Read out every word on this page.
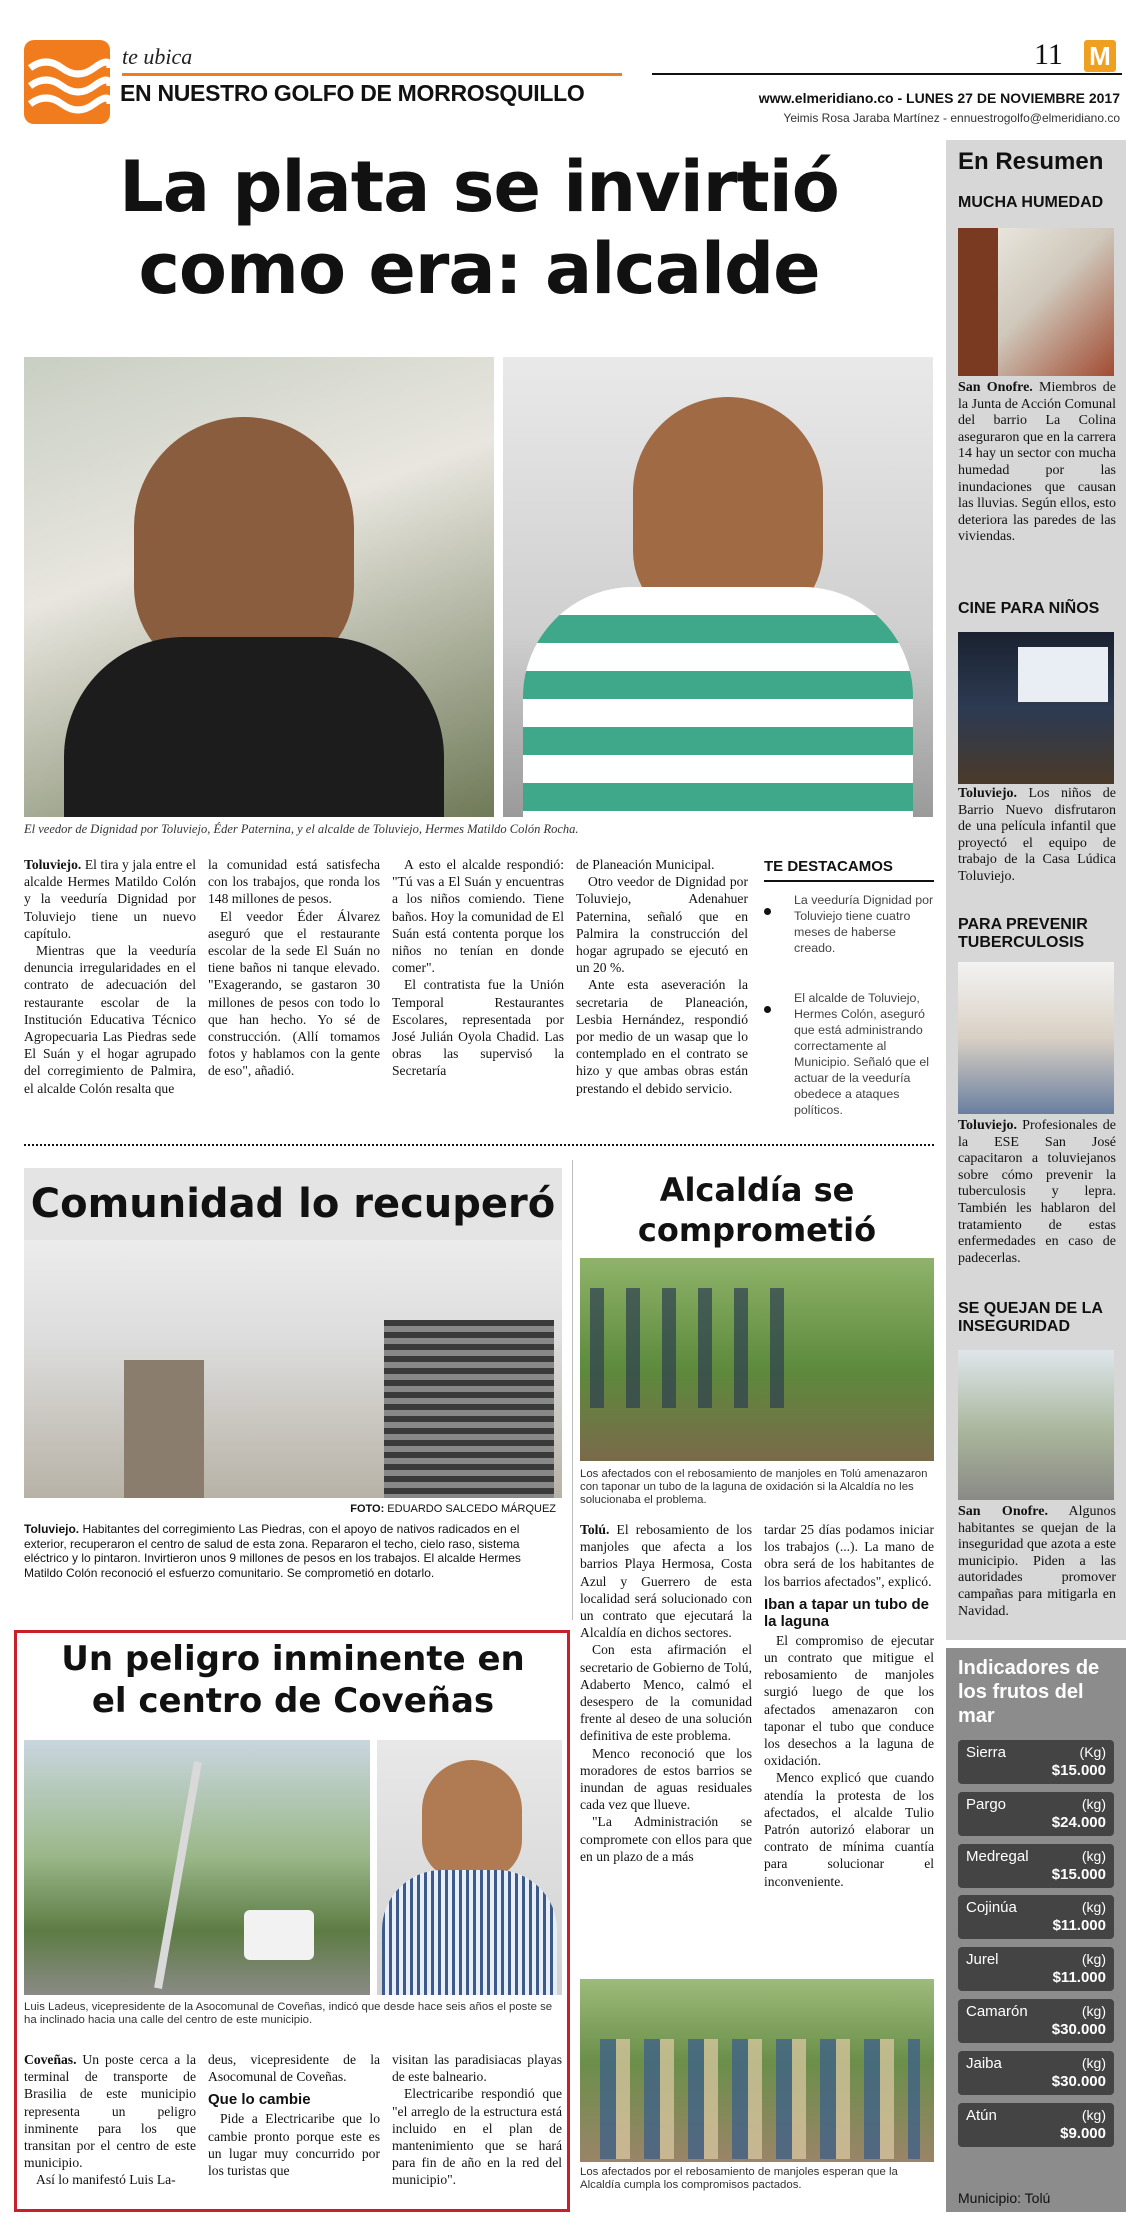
te ubica
EN NUESTRO GOLFO DE MORROSQUILLO
11 M
www.elmeridiano.co - LUNES 27 DE NOVIEMBRE 2017
Yeimis Rosa Jaraba Martínez - ennuestrogolfo@elmeridiano.co
La plata se invirtió
como era: alcalde
El veedor de Dignidad por Toluviejo, Éder Paternina, y el alcalde de Toluviejo, Hermes Matildo Colón Rocha.

Toluviejo. El tira y jala entre el alcalde Hermes Matildo Colón y la veeduría Dignidad por Toluviejo tiene un nuevo capítulo.

Mientras que la veeduría denuncia irregularidades en el contrato de adecuación del restaurante escolar de la Institución Educativa Técnico Agropecuaria Las Piedras sede El Suán y el hogar agrupado del corregimiento de Palmira, el alcalde Colón resalta que

la comunidad está satisfecha con los trabajos, que ronda los 148 millones de pesos.

El veedor Éder Álvarez aseguró que el restaurante escolar de la sede El Suán no tiene baños ni tanque elevado. "Exagerando, se gastaron 30 millones de pesos con todo lo que han hecho. Yo sé de construcción. (Allí tomamos fotos y hablamos con la gente de eso", añadió.

A esto el alcalde respondió: "Tú vas a El Suán y encuentras a los niños comiendo. Tiene baños. Hoy la comunidad de El Suán está contenta porque los niños no tenían en donde comer".

El contratista fue la Unión Temporal Restaurantes Escolares, representada por José Julián Oyola Chadid. Las obras las supervisó la Secretaría

de Planeación Municipal.

Otro veedor de Dignidad por Toluviejo, Adenahuer Paternina, señaló que en Palmira la construcción del hogar agrupado se ejecutó en un 20 %.

Ante esta aseveración la secretaria de Planeación, Lesbia Hernández, respondió por medio de un wasap que lo contemplado en el contrato se hizo y que ambas obras están prestando el debido servicio.

TE DESTACAMOS
La veeduría Dignidad por Toluviejo tiene cuatro meses de haberse creado.
El alcalde de Toluviejo, Hermes Colón, aseguró que está administrando correctamente al Municipio. Señaló que el actuar de la veeduría obedece a ataques políticos.
Comunidad lo recuperó
FOTO: EDUARDO SALCEDO MÁRQUEZ
Toluviejo. Habitantes del corregimiento Las Piedras, con el apoyo de nativos radicados en el exterior, recuperaron el centro de salud de esta zona. Repararon el techo, cielo raso, sistema eléctrico y lo pintaron. Invirtieron unos 9 millones de pesos en los trabajos. El alcalde Hermes Matildo Colón reconoció el esfuerzo comunitario. Se comprometió en dotarlo.
Alcaldía se
comprometió
Los afectados con el rebosamiento de manjoles en Tolú amenazaron con taponar un tubo de la laguna de oxidación si la Alcaldía no les solucionaba el problema.

Tolú. El rebosamiento de los manjoles que afecta a los barrios Playa Hermosa, Costa Azul y Guerrero de esta localidad será solucionado con un contrato que ejecutará la Alcaldía en dichos sectores.

Con esta afirmación el secretario de Gobierno de Tolú, Adaberto Menco, calmó el desespero de la comunidad frente al deseo de una solución definitiva de este problema.

Menco reconoció que los moradores de estos barrios se inundan de aguas residuales cada vez que llueve.

"La Administración se compromete con ellos para que en un plazo de a más

tardar 25 días podamos iniciar los trabajos (...). La mano de obra será de los habitantes de los barrios afectados", explicó.

Iban a tapar un tubo de la laguna

El compromiso de ejecutar un contrato que mitigue el rebosamiento de manjoles surgió luego de que los afectados amenazaron con taponar el tubo que conduce los desechos a la laguna de oxidación.

Menco explicó que cuando atendía la protesta de los afectados, el alcalde Tulio Patrón autorizó elaborar un contrato de mínima cuantía para solucionar el inconveniente.

Los afectados por el rebosamiento de manjoles esperan que la Alcaldía cumpla los compromisos pactados.
Un peligro inminente en
el centro de Coveñas
Luis Ladeus, vicepresidente de la Asocomunal de Coveñas, indicó que desde hace seis años el poste se ha inclinado hacia una calle del centro de este municipio.

Coveñas. Un poste cerca a la terminal de transporte de Brasilia de este municipio representa un peligro inminente para los que transitan por el centro de este municipio.

Así lo manifestó Luis La-

deus, vicepresidente de la Asocomunal de Coveñas.

Que lo cambie

Pide a Electricaribe que lo cambie pronto porque este es un lugar muy concurrido por los turistas que

visitan las paradisiacas playas de este balneario.

Electricaribe respondió que "el arreglo de la estructura está incluido en el plan de mantenimiento que se hará para fin de año en la red del municipio".

En Resumen
MUCHA HUMEDAD
San Onofre. Miembros de la Junta de Acción Comunal del barrio La Colina aseguraron que en la carrera 14 hay un sector con mucha humedad por las inundaciones que causan las lluvias. Según ellos, esto deteriora las paredes de las viviendas.
CINE PARA NIÑOS
Toluviejo. Los niños de Barrio Nuevo disfrutaron de una película infantil que proyectó el equipo de trabajo de la Casa Lúdica Toluviejo.
PARA PREVENIR TUBERCULOSIS
Toluviejo. Profesionales de la ESE San José capacitaron a toluviejanos sobre cómo prevenir la tuberculosis y lepra. También les hablaron del tratamiento de estas enfermedades en caso de padecerlas.
SE QUEJAN DE LA INSEGURIDAD
San Onofre. Algunos habitantes se quejan de la inseguridad que azota a este municipio. Piden a las autoridades promover campañas para mitigarla en Navidad.
Indicadores de los frutos del mar
Sierra	(Kg)
$15.000
Pargo	(kg)
$24.000
Medregal	(kg)
$15.000
Cojinúa	(kg)
$11.000
Jurel	(kg)
$11.000
Camarón	(kg)
$30.000
Jaiba	(kg)
$30.000
Atún	(kg)
$9.000
Municipio: Tolú
